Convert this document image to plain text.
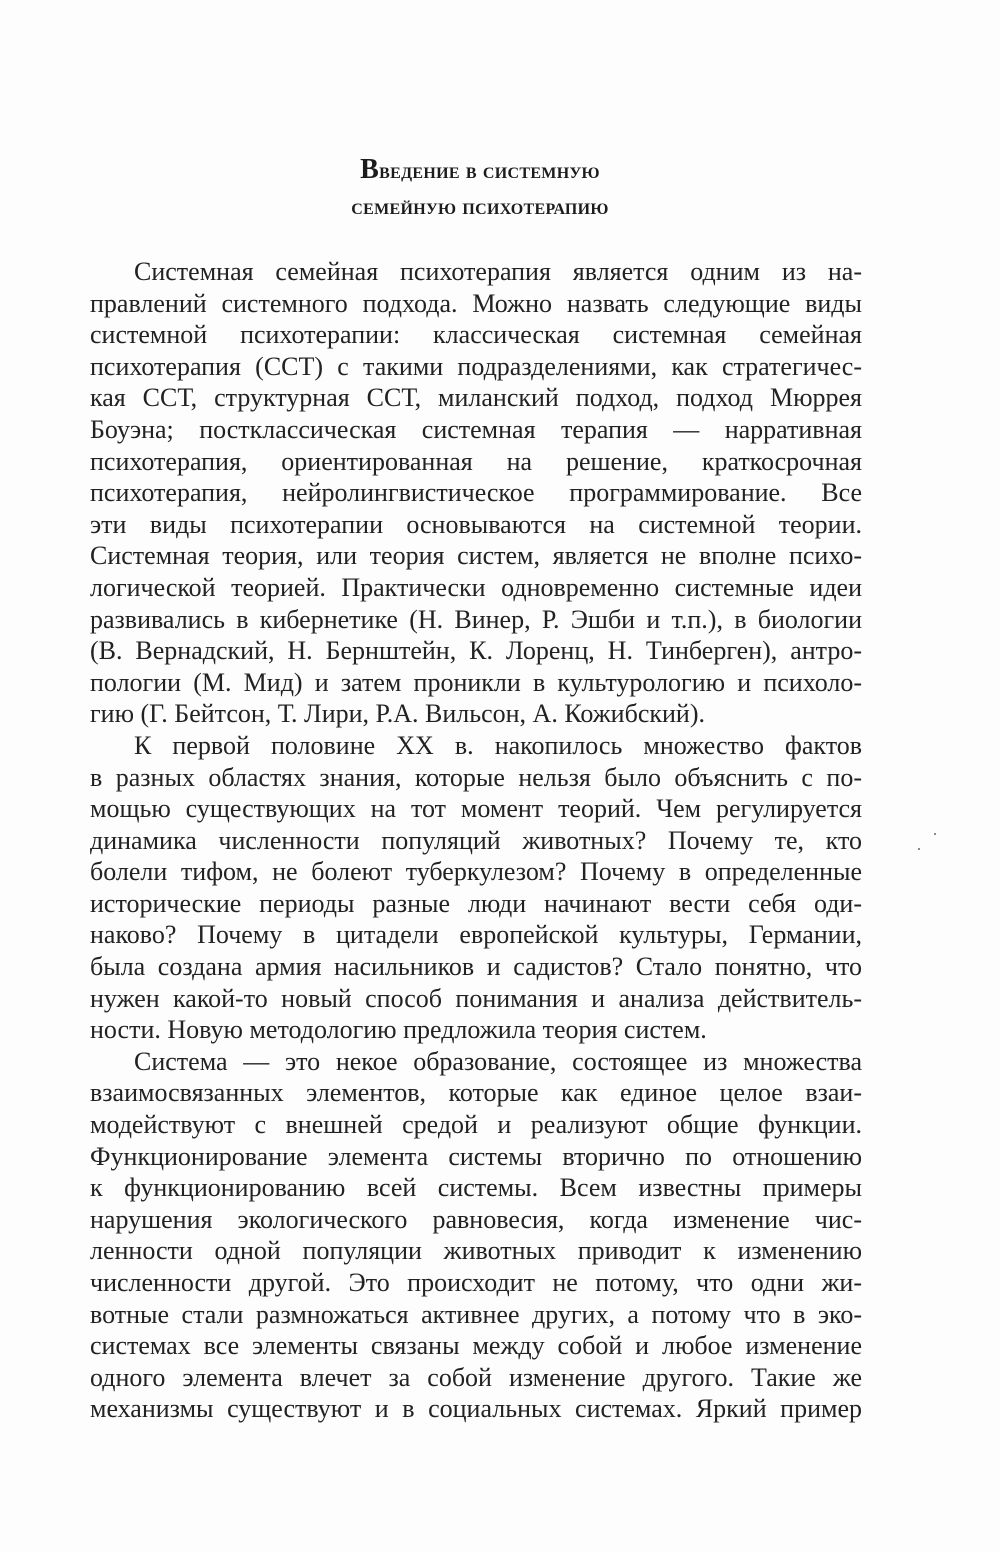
Введение в системную
семейную психотерапию
Системная семейная психотерапия является одним из на-
правлений системного подхода. Можно назвать следующие виды
системной психотерапии: классическая системная семейная
психотерапия (ССТ) с такими подразделениями, как стратегичес-
кая ССТ, структурная ССТ, миланский подход, подход Мюррея
Боуэна; постклассическая системная терапия — нарративная
психотерапия, ориентированная на решение, краткосрочная
психотерапия, нейролингвистическое программирование. Все
эти виды психотерапии основываются на системной теории.
Системная теория, или теория систем, является не вполне психо-
логической теорией. Практически одновременно системные идеи
развивались в кибернетике (Н. Винер, Р. Эшби и т.п.), в биологии
(В. Вернадский, Н. Бернштейн, К. Лоренц, Н. Тинберген), антро-
пологии (М. Мид) и затем проникли в культурологию и психоло-
гию (Г. Бейтсон, Т. Лири, Р.А. Вильсон, А. Кожибский).
К первой половине XX в. накопилось множество фактов
в разных областях знания, которые нельзя было объяснить с по-
мощью существующих на тот момент теорий. Чем регулируется
динамика численности популяций животных? Почему те, кто
болели тифом, не болеют туберкулезом? Почему в определенные
исторические периоды разные люди начинают вести себя оди-
наково? Почему в цитадели европейской культуры, Германии,
была создана армия насильников и садистов? Стало понятно, что
нужен какой-то новый способ понимания и анализа действитель-
ности. Новую методологию предложила теория систем.
Система — это некое образование, состоящее из множества
взаимосвязанных элементов, которые как единое целое взаи-
модействуют с внешней средой и реализуют общие функции.
Функционирование элемента системы вторично по отношению
к функционированию всей системы. Всем известны примеры
нарушения экологического равновесия, когда изменение чис-
ленности одной популяции животных приводит к изменению
численности другой. Это происходит не потому, что одни жи-
вотные стали размножаться активнее других, а потому что в эко-
системах все элементы связаны между собой и любое изменение
одного элемента влечет за собой изменение другого. Такие же
механизмы существуют и в социальных системах. Яркий пример
